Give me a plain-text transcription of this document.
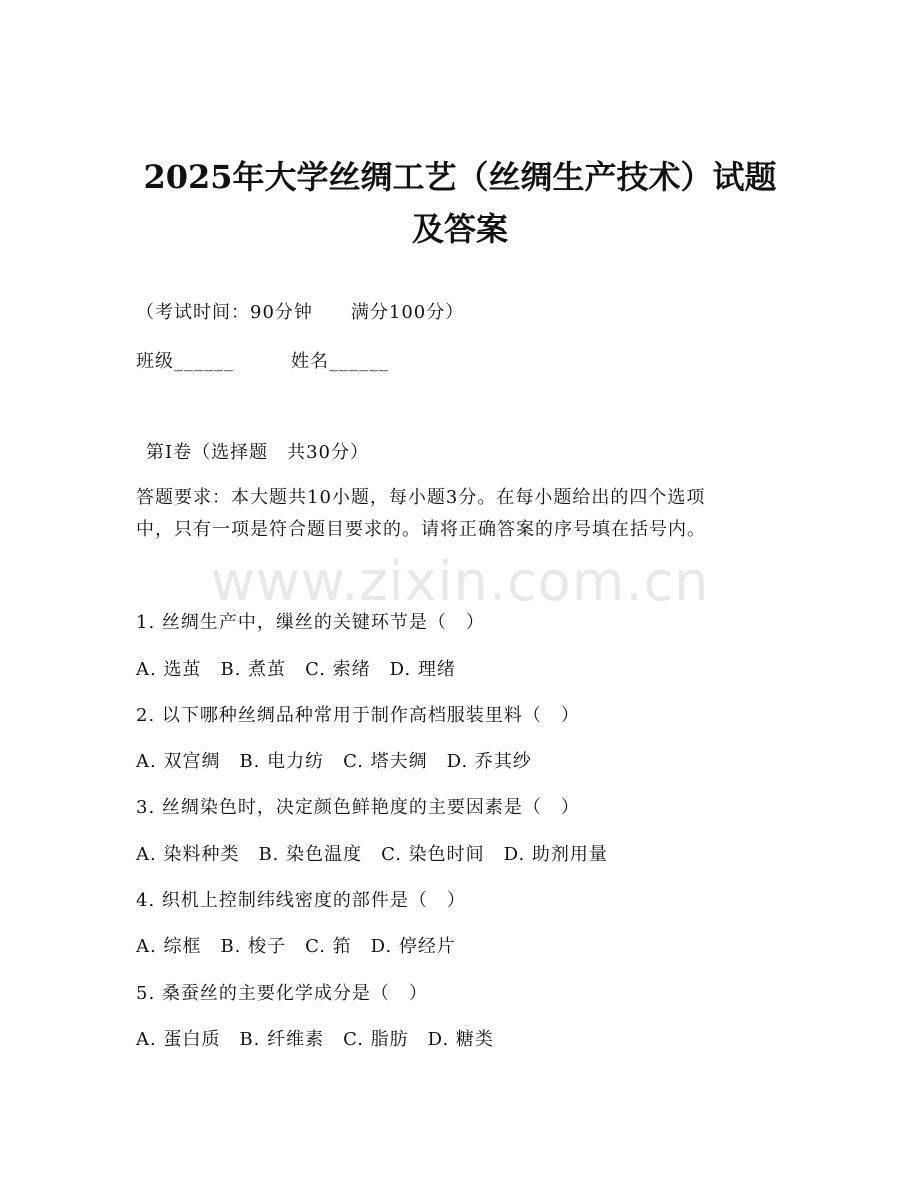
2025年大学丝绸工艺（丝绸生产技术）试题
及答案
（考试时间：90分钟　　满分100分）
班级______　　　姓名______
第I卷（选择题　共30分）
答题要求：本大题共10小题，每小题3分。在每小题给出的四个选项
中，只有一项是符合题目要求的。请将正确答案的序号填在括号内。
www.zixin.com.cn
1. 丝绸生产中，缫丝的关键环节是（　）
A. 选茧　B. 煮茧　C. 索绪　D. 理绪
2. 以下哪种丝绸品种常用于制作高档服装里料（　）
A. 双宫绸　B. 电力纺　C. 塔夫绸　D. 乔其纱
3. 丝绸染色时，决定颜色鲜艳度的主要因素是（　）
A. 染料种类　B. 染色温度　C. 染色时间　D. 助剂用量
4. 织机上控制纬线密度的部件是（　）
A. 综框　B. 梭子　C. 筘　D. 停经片
5. 桑蚕丝的主要化学成分是（　）
A. 蛋白质　B. 纤维素　C. 脂肪　D. 糖类
